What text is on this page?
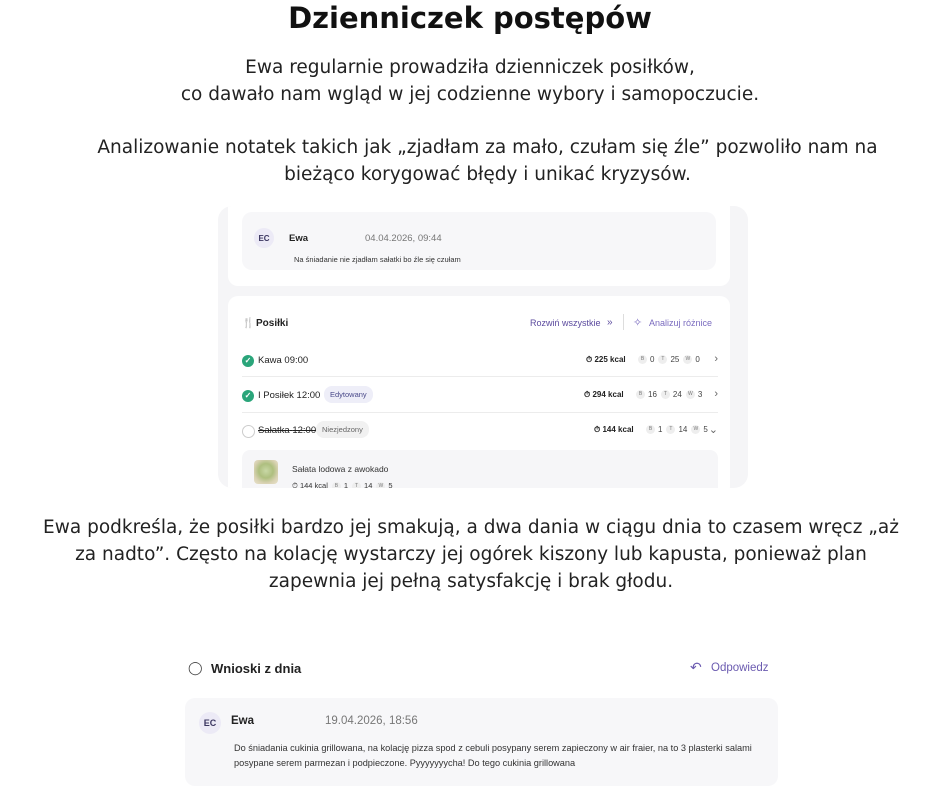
Dzienniczek postępów
Ewa regularnie prowadziła dzienniczek posiłków,
co dawało nam wgląd w jej codzienne wybory i samopoczucie.
Analizowanie notatek takich jak „zjadłam za mało, czułam się źle” pozwoliło nam na bieżąco korygować błędy i unikać kryzysów.
EC	Ewa	04.04.2026, 09:44
Na śniadanie nie zjadłam sałatki bo źle się czułam
🍴 Posiłki	Rozwiń wszystkie » ✧ Analizuj różnice
✓ Kawa 09:00	⏱ 225 kcal	B 0 T 25 W 0 ›
✓ I Posiłek 12:00	Edytowany	⏱ 294 kcal	B 16 T 24 W 3 ›
Sałatka 12:00 Niezjedzony	⏱ 144 kcal	B 1 T 14 W 5 ⌄
Sałata lodowa z awokado
⏱ 144 kcal B 1 T 14 W 5
Ewa podkreśla, że posiłki bardzo jej smakują, a dwa dania w ciągu dnia to czasem wręcz „aż za nadto”. Często na kolację wystarczy jej ogórek kiszony lub kapusta, ponieważ plan zapewnia jej pełną satysfakcję i brak głodu.
◯ Wnioski z dnia	↶ Odpowiedz
EC	Ewa	19.04.2026, 18:56
Do śniadania cukinia grillowana, na kolację pizza spod z cebuli posypany serem zapieczony w air fraier, na to 3 plasterki salami posypane serem parmezan i podpieczone. Pyyyyyyycha! Do tego cukinia grillowana
